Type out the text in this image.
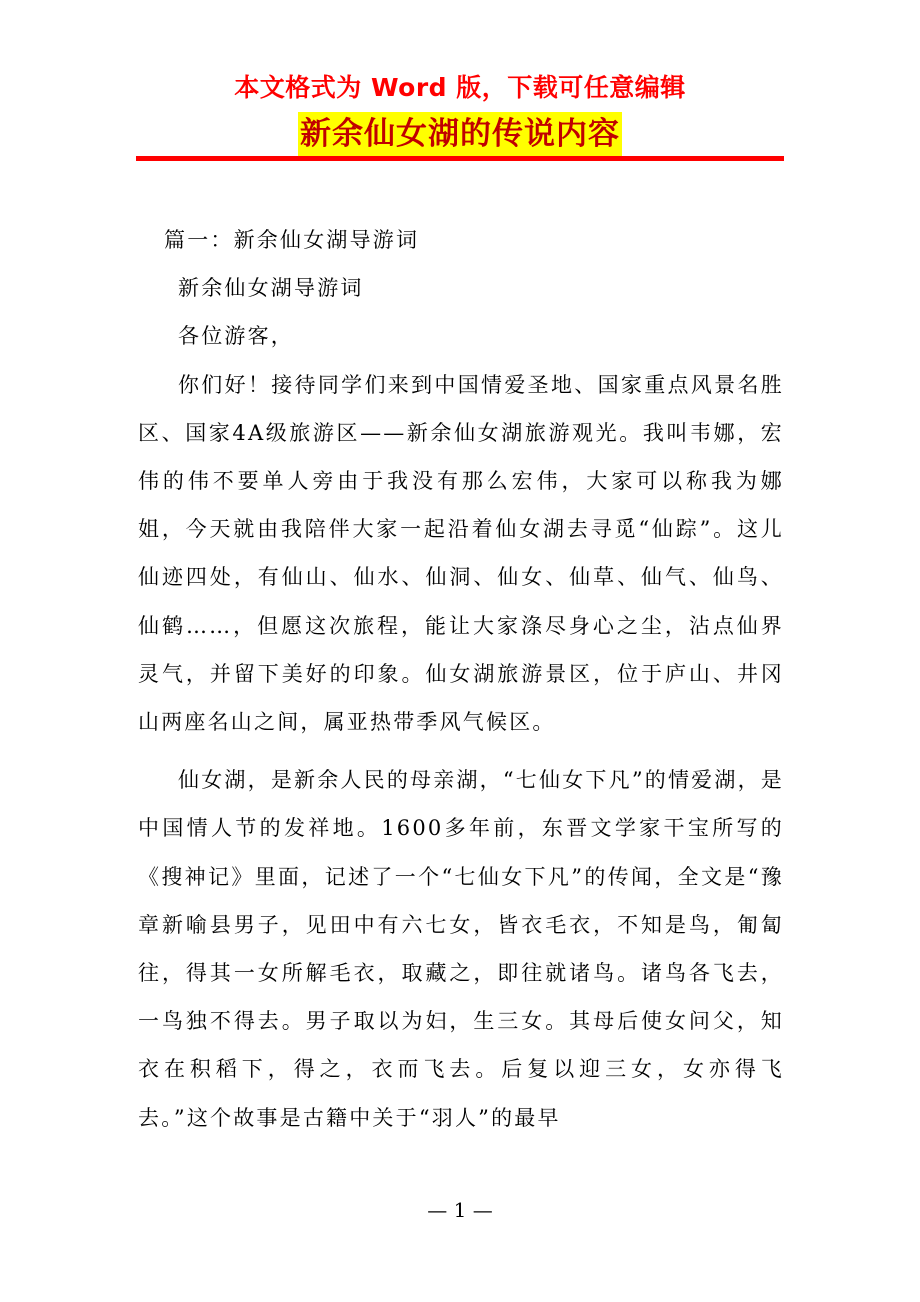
本文格式为 Word 版，下载可任意编辑
新余仙女湖的传说内容

篇一：新余仙女湖导游词

新余仙女湖导游词

各位游客，

你们好！接待同学们来到中国情爱圣地、国家重点风景名胜区、国家4A级旅游区——新余仙女湖旅游观光。我叫韦娜，宏伟的伟不要单人旁由于我没有那么宏伟，大家可以称我为娜姐，今天就由我陪伴大家一起沿着仙女湖去寻觅“仙踪”。这儿仙迹四处，有仙山、仙水、仙洞、仙女、仙草、仙气、仙鸟、仙鹤……，但愿这次旅程，能让大家涤尽身心之尘，沾点仙界灵气，并留下美好的印象。仙女湖旅游景区，位于庐山、井冈山两座名山之间，属亚热带季风气候区。

仙女湖，是新余人民的母亲湖，“七仙女下凡”的情爱湖，是中国情人节的发祥地。1600多年前，东晋文学家干宝所写的《搜神记》里面，记述了一个“七仙女下凡”的传闻，全文是“豫章新喻县男子，见田中有六七女，皆衣毛衣，不知是鸟，匍匐往，得其一女所解毛衣，取藏之，即往就诸鸟。诸鸟各飞去，一鸟独不得去。男子取以为妇，生三女。其母后使女问父，知衣在积稻下，得之，衣而飞去。后复以迎三女，女亦得飞去。”这个故事是古籍中关于“羽人”的最早

— 1 —
